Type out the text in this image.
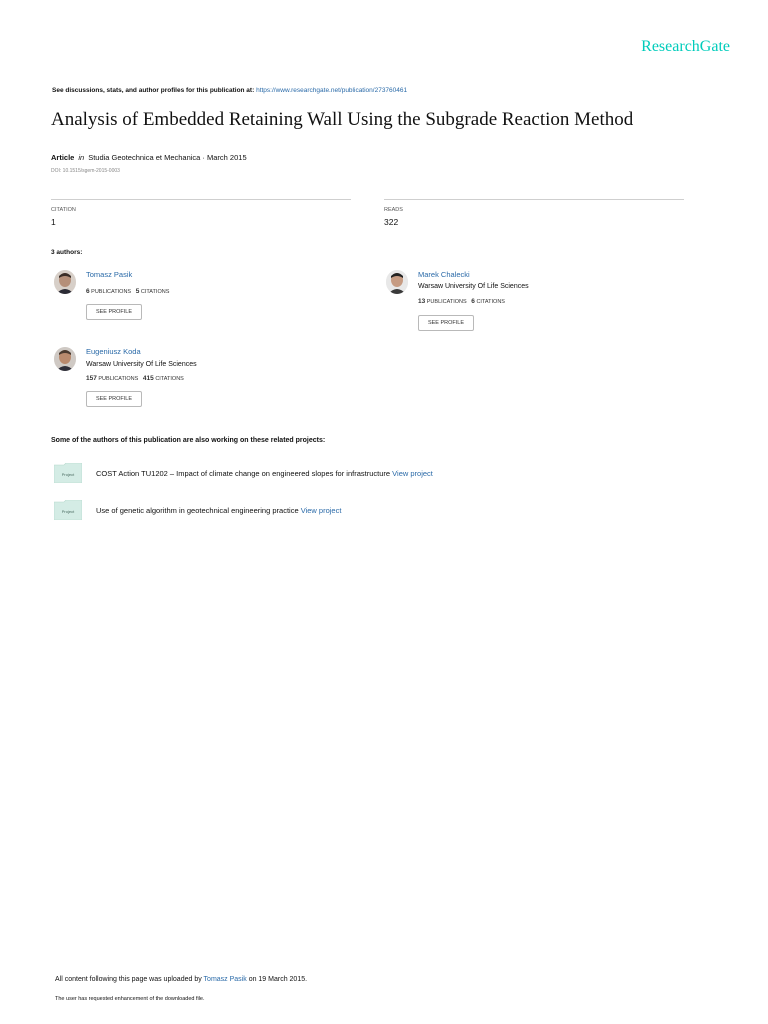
ResearchGate
See discussions, stats, and author profiles for this publication at: https://www.researchgate.net/publication/273760461
Analysis of Embedded Retaining Wall Using the Subgrade Reaction Method
Article in Studia Geotechnica et Mechanica · March 2015
DOI: 10.1515/sgem-2015-0003
CITATION
1
READS
322
3 authors:
Tomasz Pasik
6 PUBLICATIONS 5 CITATIONS
SEE PROFILE
Marek Chalecki
Warsaw University Of Life Sciences
13 PUBLICATIONS 6 CITATIONS
SEE PROFILE
Eugeniusz Koda
Warsaw University Of Life Sciences
157 PUBLICATIONS 415 CITATIONS
SEE PROFILE
Some of the authors of this publication are also working on these related projects:
Project	COST Action TU1202 – Impact of climate change on engineered slopes for infrastructure View project
Project	Use of genetic algorithm in geotechnical engineering practice View project
All content following this page was uploaded by Tomasz Pasik on 19 March 2015.
The user has requested enhancement of the downloaded file.
